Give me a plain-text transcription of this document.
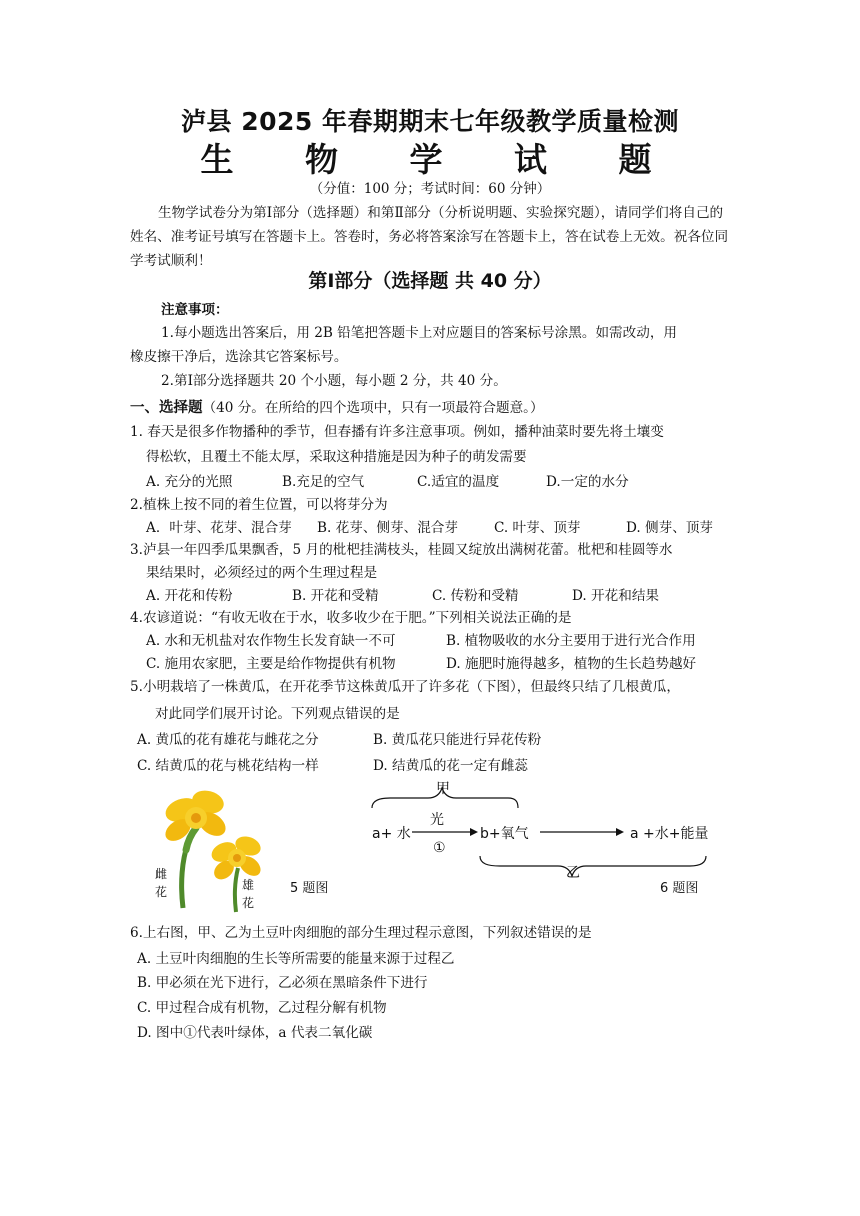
泸县 2025 年春期期末七年级教学质量检测
生 物 学 试 题
（分值：100 分；考试时间：60 分钟）
生物学试卷分为第Ⅰ部分（选择题）和第Ⅱ部分（分析说明题、实验探究题），请同学们将自己的姓名、准考证号填写在答题卡上。答卷时，务必将答案涂写在答题卡上，答在试卷上无效。祝各位同学考试顺利！
第Ⅰ部分（选择题 共 40 分）
注意事项：
1.每小题选出答案后，用 2B 铅笔把答题卡上对应题目的答案标号涂黑。如需改动，用
橡皮擦干净后，选涂其它答案标号。
2.第Ⅰ部分选择题共 20 个小题，每小题 2 分，共 40 分。
一、选择题（40 分。在所给的四个选项中，只有一项最符合题意。）
1. 春天是很多作物播种的季节，但春播有许多注意事项。例如，播种油菜时要先将土壤变
得松软，且覆土不能太厚，采取这种措施是因为种子的萌发需要
A. 充分的光照	B.充足的空气	C.适宜的温度	D.一定的水分
2.植株上按不同的着生位置，可以将芽分为
A．叶芽、花芽、混合芽 B. 花芽、侧芽、混合芽	C. 叶芽、顶芽	D. 侧芽、顶芽
3.泸县一年四季瓜果飘香，5 月的枇杷挂满枝头，桂圆又绽放出满树花蕾。枇杷和桂圆等水
果结果时，必须经过的两个生理过程是
A. 开花和传粉	B. 开花和受精	C. 传粉和受精	D. 开花和结果
4.农谚道说：“有收无收在于水，收多收少在于肥。”下列相关说法正确的是
A. 水和无机盐对农作物生长发育缺一不可	B. 植物吸收的水分主要用于进行光合作用
C. 施用农家肥，主要是给作物提供有机物	D. 施肥时施得越多，植物的生长趋势越好
5.小明栽培了一株黄瓜，在开花季节这株黄瓜开了许多花（下图），但最终只结了几根黄瓜，
对此同学们展开讨论。下列观点错误的是
A. 黄瓜的花有雄花与雌花之分	B. 黄瓜花只能进行异花传粉
C. 结黄瓜的花与桃花结构一样	D. 结黄瓜的花一定有雌蕊
雌花	雄花
5 题图
甲
a+ 水
光
①
b+氧气	a +水+能量
乙
6 题图
6.上右图，甲、乙为土豆叶肉细胞的部分生理过程示意图，下列叙述错误的是
A. 土豆叶肉细胞的生长等所需要的能量来源于过程乙
B. 甲必须在光下进行，乙必须在黑暗条件下进行
C. 甲过程合成有机物，乙过程分解有机物
D. 图中①代表叶绿体，a 代表二氧化碳
